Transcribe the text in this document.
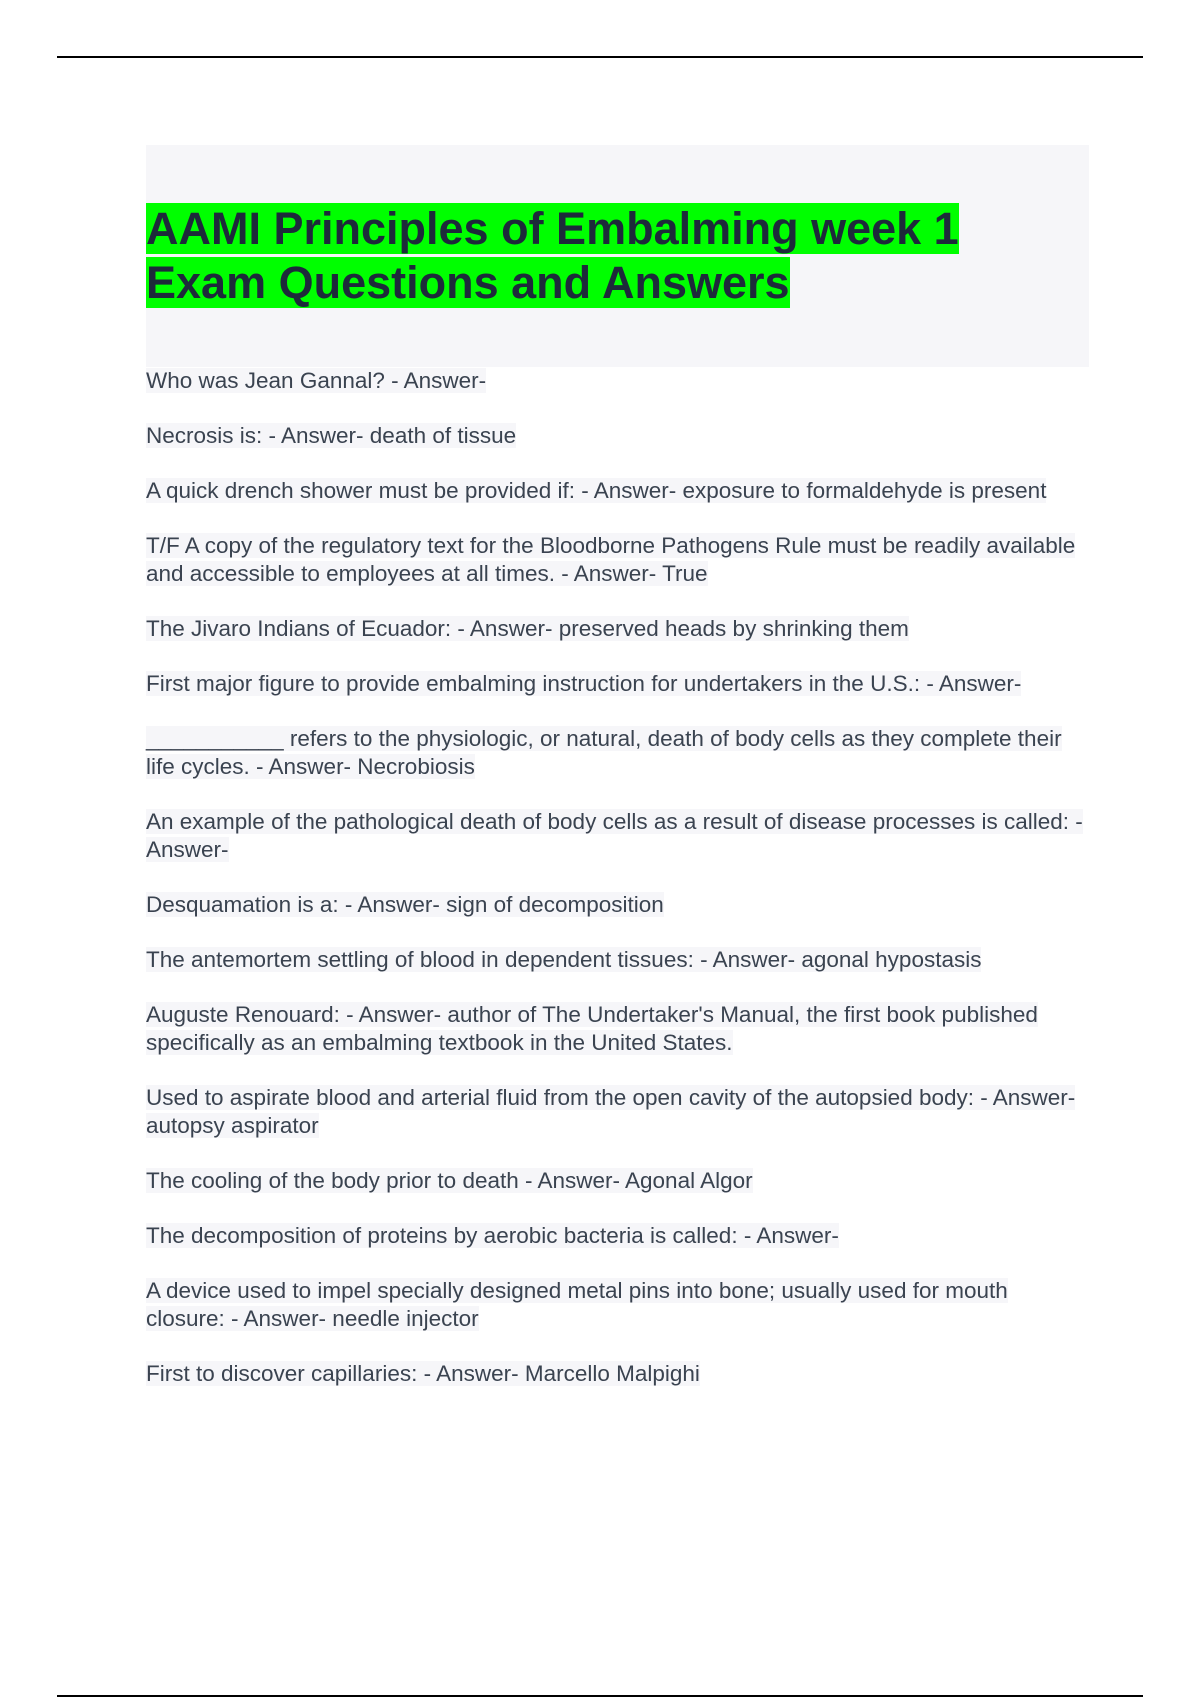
AAMI Principles of Embalming week 1 Exam Questions and Answers
Who was Jean Gannal? - Answer-
Necrosis is: - Answer- death of tissue
A quick drench shower must be provided if: - Answer- exposure to formaldehyde is present
T/F A copy of the regulatory text for the Bloodborne Pathogens Rule must be readily available and accessible to employees at all times. - Answer- True
The Jivaro Indians of Ecuador: - Answer- preserved heads by shrinking them
First major figure to provide embalming instruction for undertakers in the U.S.: - Answer-
___________ refers to the physiologic, or natural, death of body cells as they complete their life cycles. - Answer- Necrobiosis
An example of the pathological death of body cells as a result of disease processes is called: - Answer-
Desquamation is a: - Answer- sign of decomposition
The antemortem settling of blood in dependent tissues: - Answer- agonal hypostasis
Auguste Renouard: - Answer- author of The Undertaker's Manual, the first book published specifically as an embalming textbook in the United States.
Used to aspirate blood and arterial fluid from the open cavity of the autopsied body: - Answer- autopsy aspirator
The cooling of the body prior to death - Answer- Agonal Algor
The decomposition of proteins by aerobic bacteria is called: - Answer-
A device used to impel specially designed metal pins into bone; usually used for mouth closure: - Answer- needle injector
First to discover capillaries: - Answer- Marcello Malpighi
